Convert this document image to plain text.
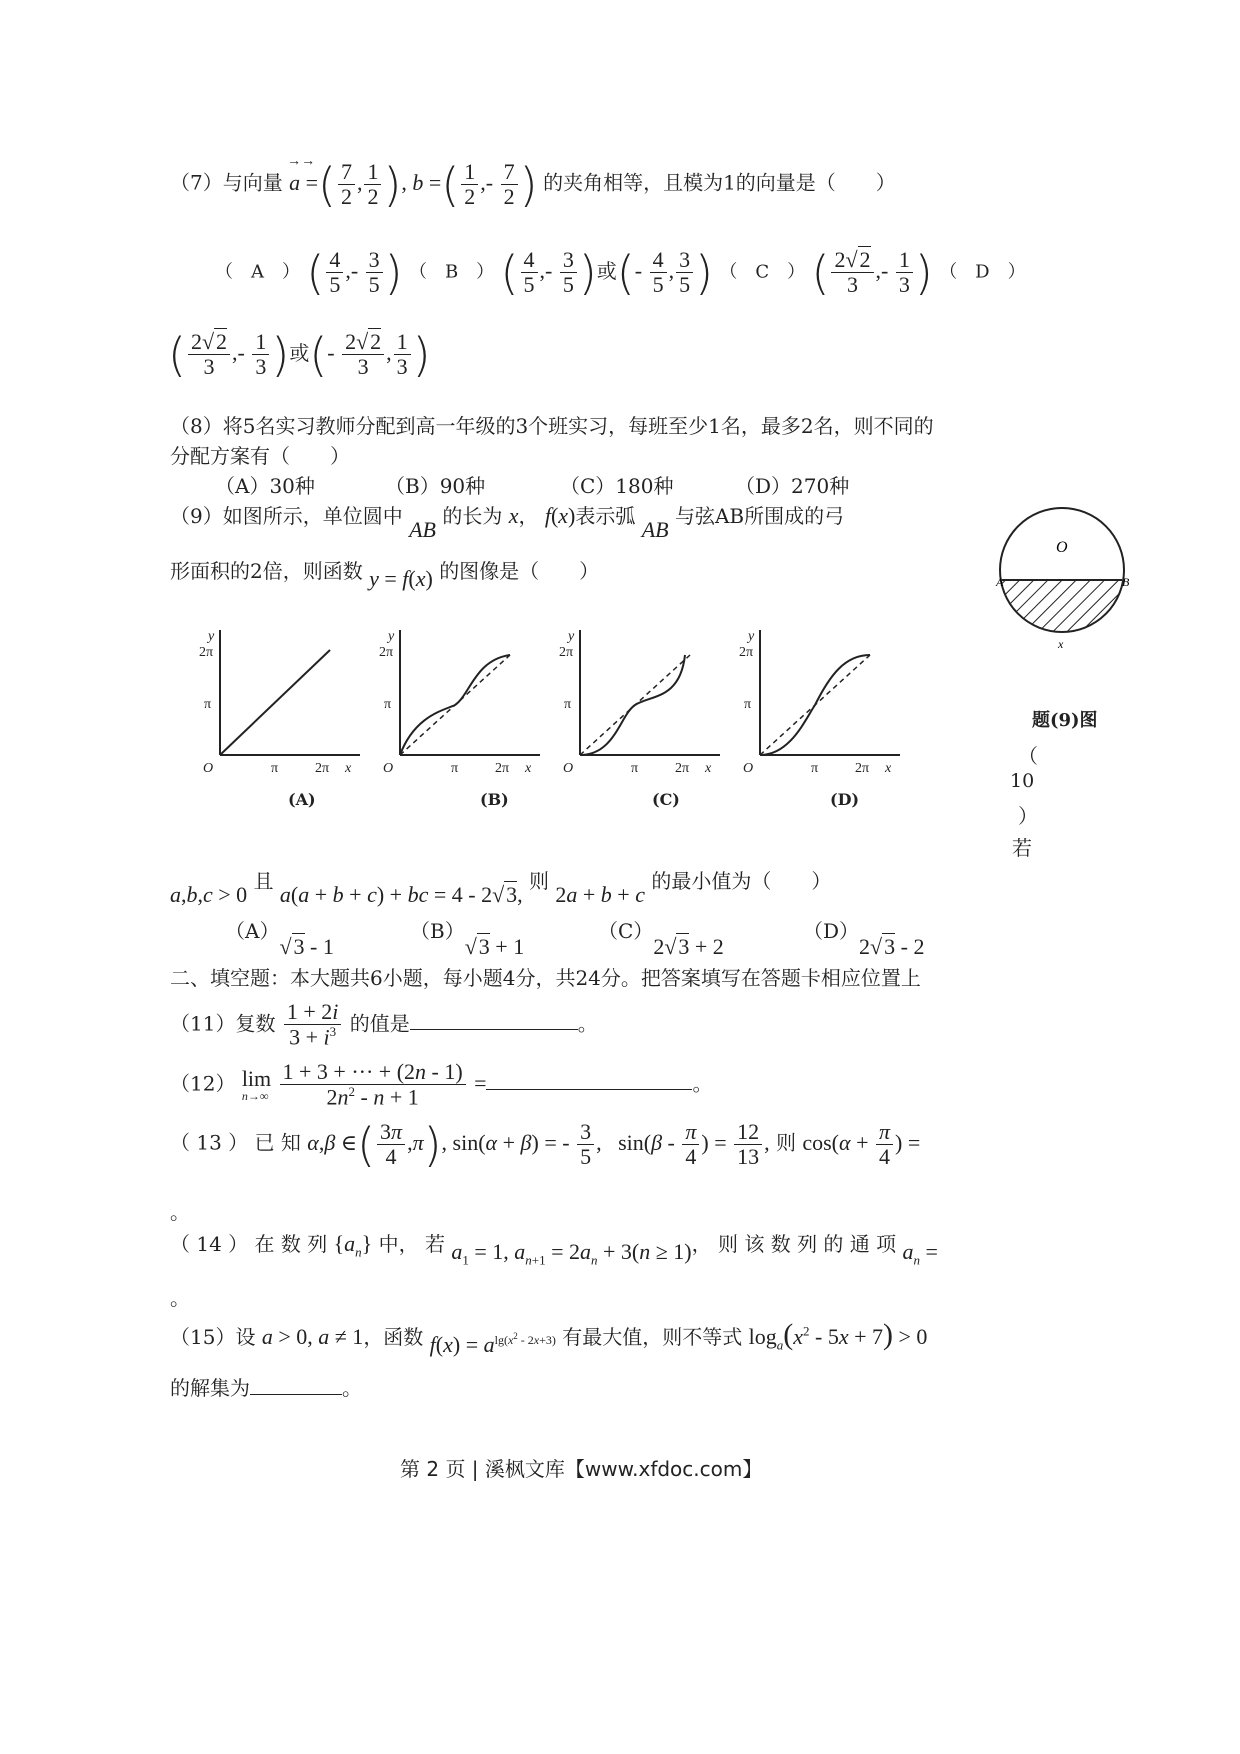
（7）与向量
→→
a =( $\frac{7}{2}$ , $\frac{1}{2}$ ), b =( $\frac{1}{2}$ ,- $\frac{7}{2}$ ) 的夹角相等，且模为1的向量是（　　）
（　A　） ( $\frac{4}{5}$ ,- $\frac{3}{5}$ ) （　B　） ( $\frac{4}{5}$ ,- $\frac{3}{5}$ )或(- $\frac{4}{5}$ , $\frac{3}{5}$ ) （　C　） ( $\frac{2√2}{3}$ ,- $\frac{1}{3}$ ) （　D　）
( $\frac{2√2}{3}$ ,- $\frac{1}{3}$ )或(- $\frac{2√2}{3}$ , $\frac{1}{3}$ )
（8）将5名实习教师分配到高一年级的3个班实习，每班至少1名，最多2名，则不同的
分配方案有（　　）
（A）30种	（B）90种	（C）180种	（D）270种
（9）如图所示，单位圆中 AB 的长为 x， f(x)表示弧 AB 与弦AB所围成的弓
形面积的2倍，则函数 y = f(x) 的图像是（　　）
O
A	B
x
题(9)图
y
2π
π
O	π	2π x
y
2π
π
O	π	2π x
y
2π
π
O	π	2π x
y
2π
π
O	π	2π x
(A)	(B)	(C)	(D)
（
10
）
若
a,b,c > 0 且 a(a + b + c) + bc = 4 - 2√3, 则 2a + b + c 的最小值为（　　）
（A）√3 - 1
（B）√3 + 1
（C）2√3 + 2
（D）2√3 - 2
二、填空题：本大题共6小题，每小题4分，共24分。把答案填写在答题卡相应位置上
（11）复数 $\frac{1 + 2i}{3 + i^3}$ 的值是	。
（12） lim
n→∞
$\frac{1 + 3 + \cdot\cdot\cdot + (2n - 1)}{2n^2 - n + 1}$ =	。
（ 13 ） 已 知 α,β ∈( $\frac{3\pi}{4} ,\pi$), sin(α + β) = - $\frac{3}{5}$ ,   $\sin(\beta - \frac{\pi}{4}$ ) = $\frac{12}{13}$ , 则 $\cos(\alpha + \frac{\pi}{4}$ ) =
。
（ 14 ） 在 数 列 $\{a_n\}$ 中， 若 $a_1 = 1$, $a_{n+1} = 2a_n + 3(n \ge 1)$， 则 该 数 列 的 通 项 $a_n$ =
。
（15）设 a > 0, a ≠ 1，函数 $f(x) = a^{lg(x^2 - 2x+3)}$ 有最大值，则不等式 $\log_a(x^2 - 5x + 7) > 0$
的解集为	。
第 2 页 | 溪枫文库【www.xfdoc.com】
